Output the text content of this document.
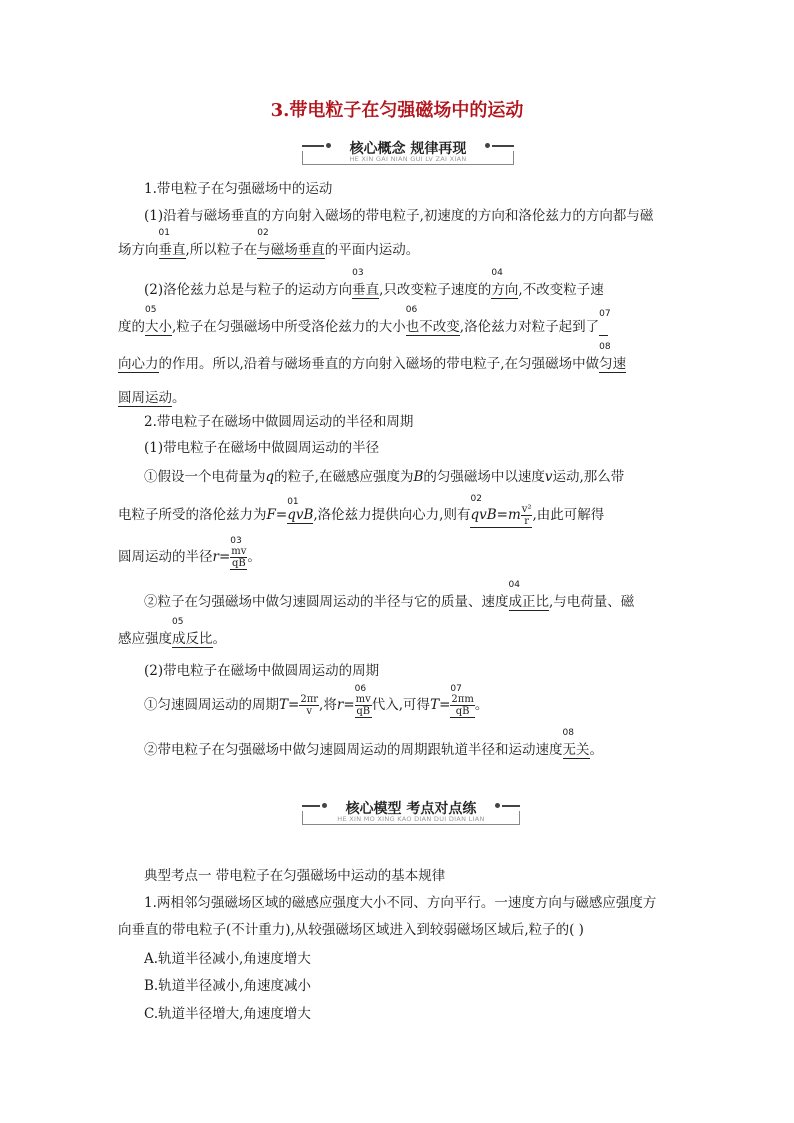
3.带电粒子在匀强磁场中的运动
核心概念 规律再现
HE XIN GAI NIAN GUI LV ZAI XIAN
1.带电粒子在匀强磁场中的运动
(1)沿着与磁场垂直的方向射入磁场的带电粒子,初速度的方向和洛伦兹力的方向都与磁
场方向
01
垂直,所以粒子在
02
与磁场垂直的平面内运动。
(2)洛伦兹力总是与粒子的运动方向
03
垂直,只改变粒子速度的
04
方向,不改变粒子速
度的
05
大小,粒子在匀强磁场中所受洛伦兹力的大小
06
也不改变,洛伦兹力对粒子起到了
07

向心力的作用。所以,沿着与磁场垂直的方向射入磁场的带电粒子,在匀强磁场中做
08
匀速
圆周运动。
2.带电粒子在磁场中做圆周运动的半径和周期
(1)带电粒子在磁场中做圆周运动的半径
①假设一个电荷量为q的粒子,在磁感应强度为B的匀强磁场中以速度v运动,那么带
电粒子所受的洛伦兹力为F=
01
qvB,洛伦兹力提供向心力,则有
02
$qvB=m \frac{\text{v²}}{r}$ ,由此可解得
圆周运动的半径r=
03
$\frac{mv}{qB}$ 。
②粒子在匀强磁场中做匀速圆周运动的半径与它的质量、速度
04
成正比,与电荷量、磁
感应强度
05
成反比。
(2)带电粒子在磁场中做圆周运动的周期
①匀速圆周运动的周期$T= \frac{2\pi r}{v}$ ,将r=
06
$\frac{mv}{qB}$ 代入,可得T=
07
$\frac{2\pi m}{qB}$ 。
②带电粒子在匀强磁场中做匀速圆周运动的周期跟轨道半径和运动速度
08
无关。
核心模型 考点对点练
HE XIN MO XING KAO DIAN DUI DIAN LIAN
典型考点一 带电粒子在匀强磁场中运动的基本规律
1.两相邻匀强磁场区域的磁感应强度大小不同、方向平行。一速度方向与磁感应强度方
向垂直的带电粒子(不计重力),从较强磁场区域进入到较弱磁场区域后,粒子的( )
A.轨道半径减小,角速度增大
B.轨道半径减小,角速度减小
C.轨道半径增大,角速度增大
